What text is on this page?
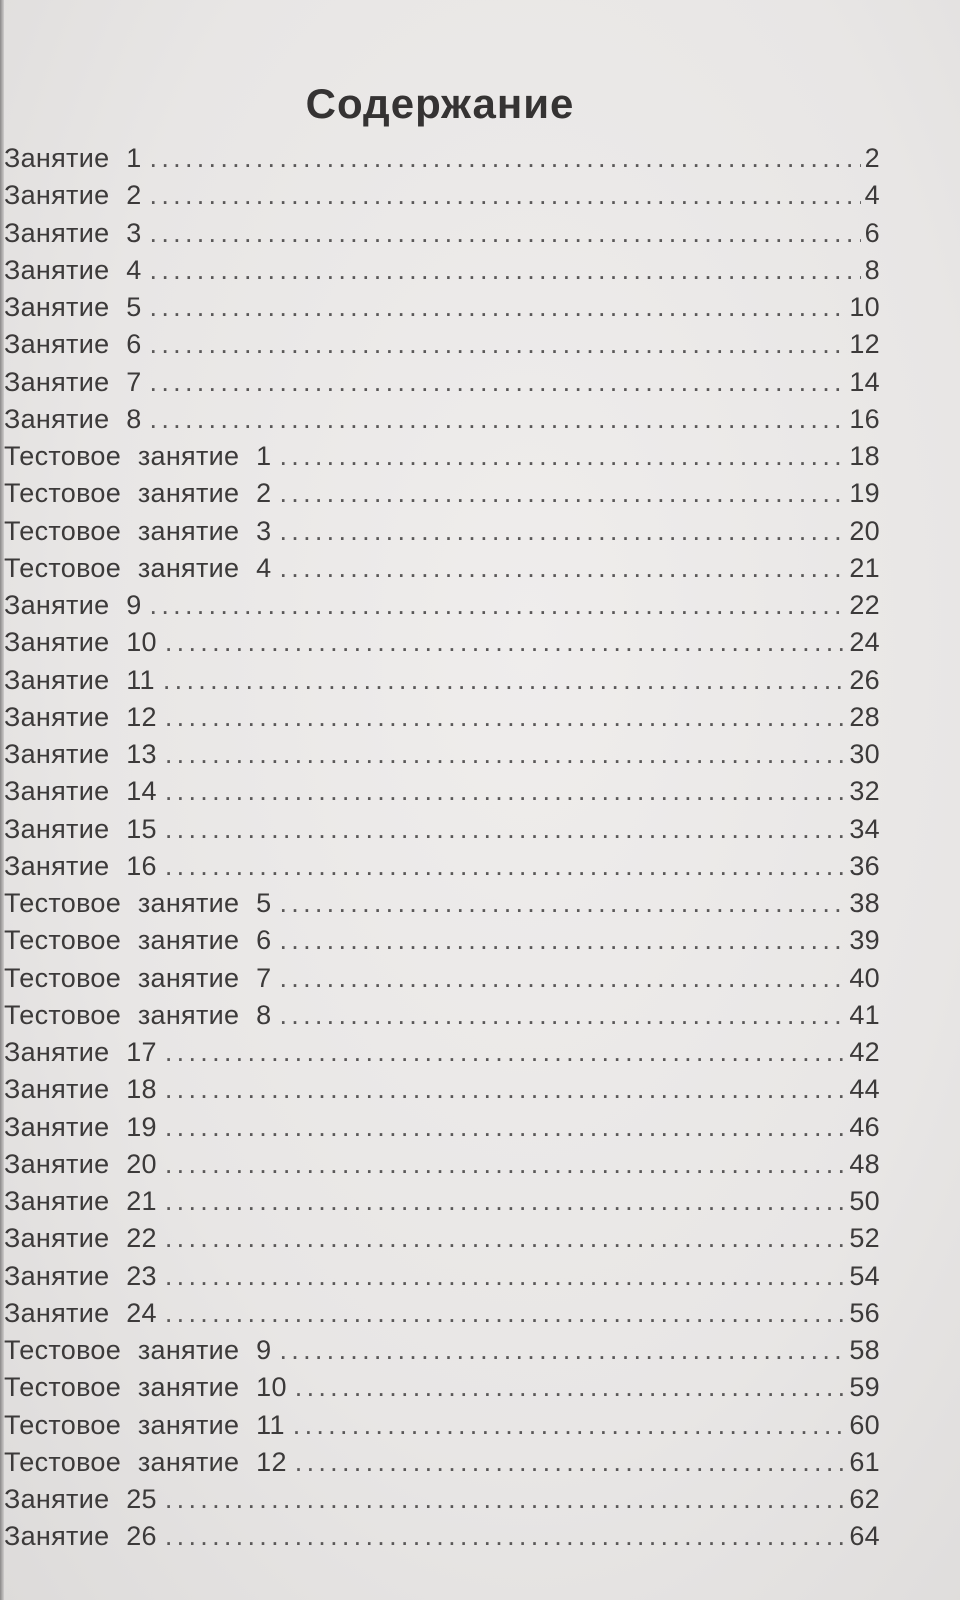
Содержание
Занятие 1 .....	2
Занятие 2 .....	4
Занятие 3 .....	6
Занятие 4 .....	8
Занятие 5 .....	10
Занятие 6 .....	12
Занятие 7 .....	14
Занятие 8 .....	16
Тестовое занятие 1 .....	18
Тестовое занятие 2 .....	19
Тестовое занятие 3 .....	20
Тестовое занятие 4 .....	21
Занятие 9 .....	22
Занятие 10 .....	24
Занятие 11 .....	26
Занятие 12 .....	28
Занятие 13 .....	30
Занятие 14 .....	32
Занятие 15 .....	34
Занятие 16 .....	36
Тестовое занятие 5 .....	38
Тестовое занятие 6 .....	39
Тестовое занятие 7 .....	40
Тестовое занятие 8 .....	41
Занятие 17 .....	42
Занятие 18 .....	44
Занятие 19 .....	46
Занятие 20 .....	48
Занятие 21 .....	50
Занятие 22 .....	52
Занятие 23 .....	54
Занятие 24 .....	56
Тестовое занятие 9 .....	58
Тестовое занятие 10 .....	59
Тестовое занятие 11 .....	60
Тестовое занятие 12 .....	61
Занятие 25 .....	62
Занятие 26 .....	64
